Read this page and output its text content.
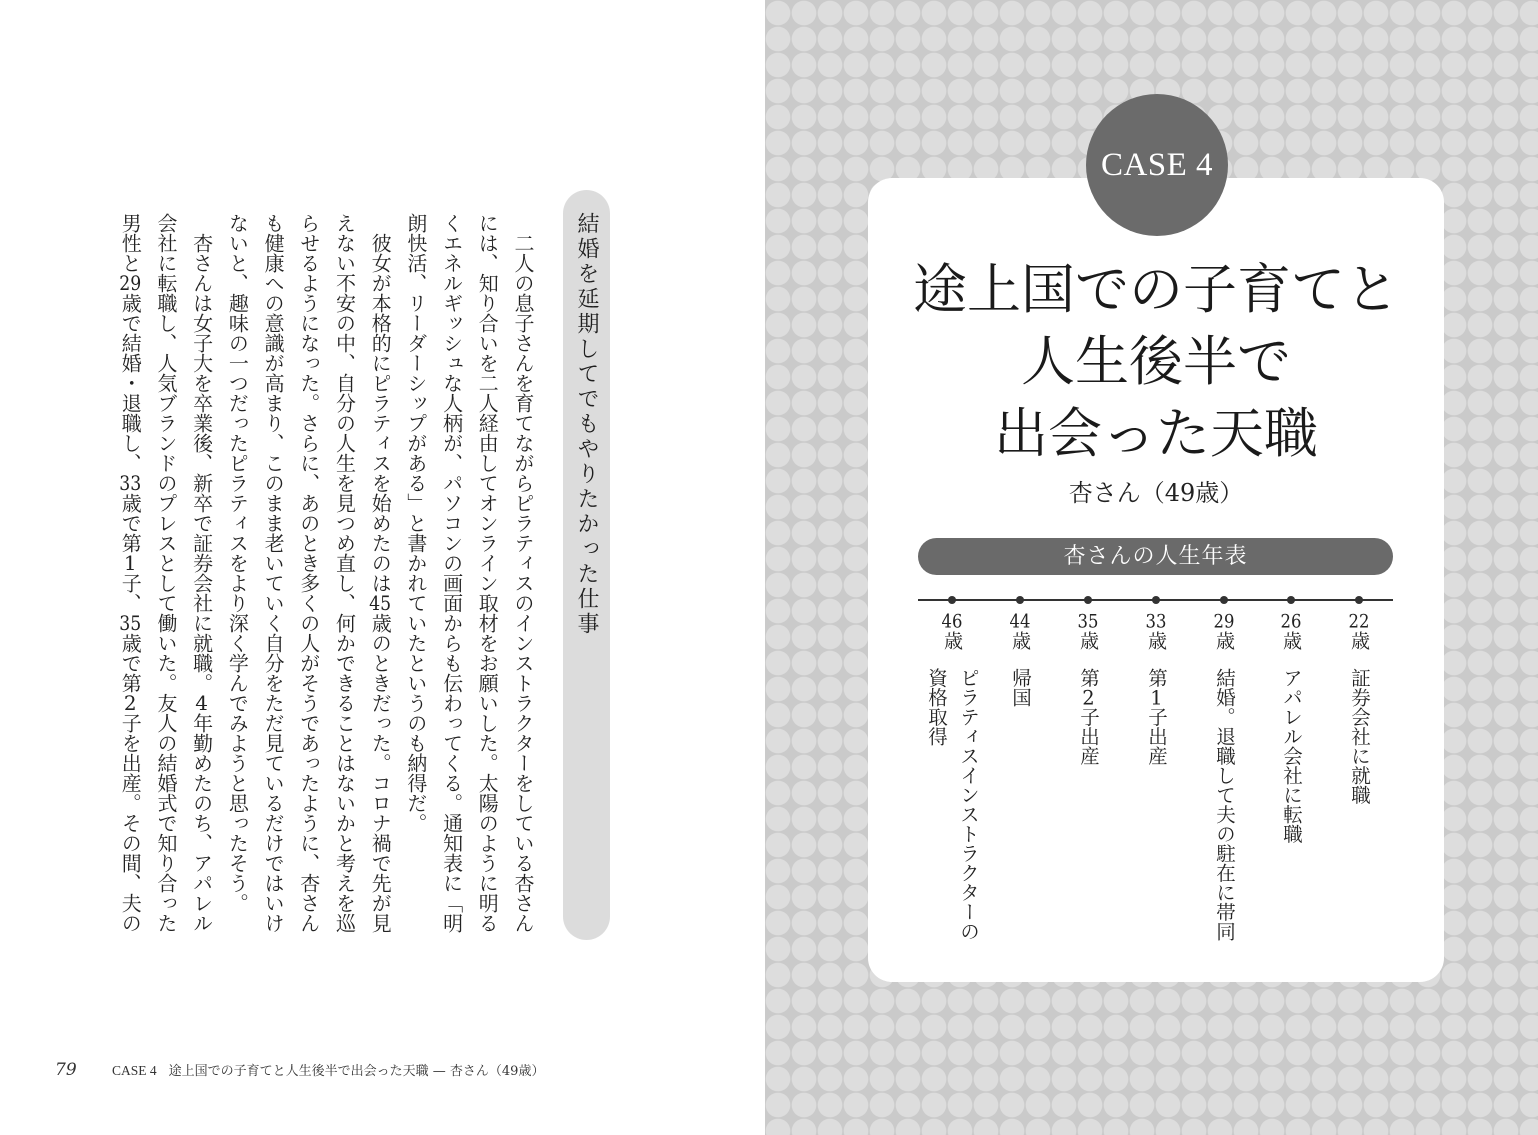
結婚を延期してでもやりたかった仕事
二人の息子さんを育てながらピラティスのインストラクターをしている杏さん
には、知り合いを二人経由してオンライン取材をお願いした。太陽のように明る
くエネルギッシュな人柄が、パソコンの画面からも伝わってくる。通知表に「明
朗快活、リーダーシップがある」と書かれていたというのも納得だ。
彼女が本格的にピラティスを始めたのは45歳のときだった。コロナ禍で先が見
えない不安の中、自分の人生を見つめ直し、何かできることはないかと考えを巡
らせるようになった。さらに、あのとき多くの人がそうであったように、杏さん
も健康への意識が高まり、このまま老いていく自分をただ見ているだけではいけ
ないと、趣味の一つだったピラティスをより深く学んでみようと思ったそう。
杏さんは女子大を卒業後、新卒で証券会社に就職。4年勤めたのち、アパレル
会社に転職し、人気ブランドのプレスとして働いた。友人の結婚式で知り合った
男性と29歳で結婚・退職し、33歳で第1子、35歳で第2子を出産。その間、夫の
79	CASE 4 途上国での子育てと人生後半で出会った天職 — 杏さん（49歳）
CASE 4
途上国での子育てと
人生後半で
出会った天職
杏さん（49歳）
杏さんの人生年表
22歳
証券会社に就職
26歳
アパレル会社に転職
29歳
結婚。退職して夫の駐在に帯同
33歳
第1子出産
35歳
第2子出産
44歳
帰国
46歳
ピラティスインストラクターの資格取得
